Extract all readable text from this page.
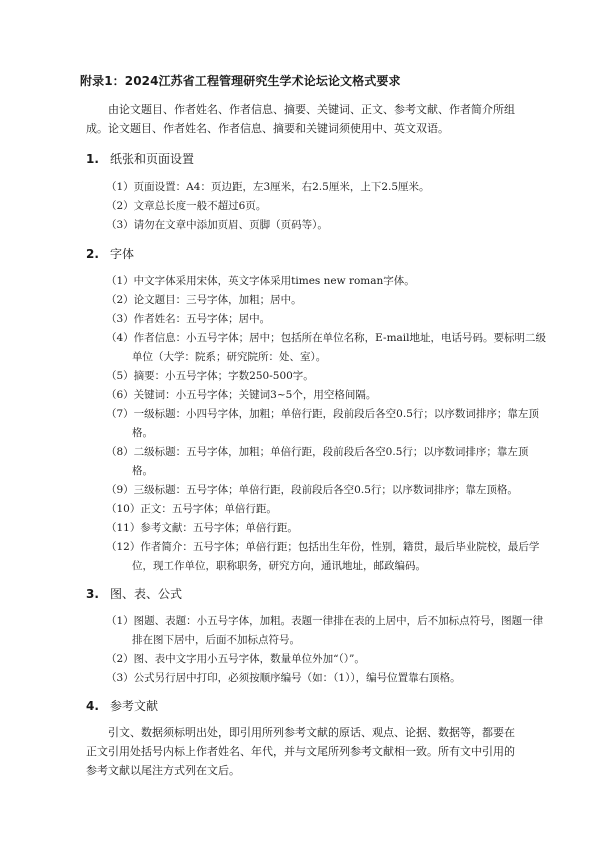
附录1：2024江苏省工程管理研究生学术论坛论文格式要求
由论文题目、作者姓名、作者信息、摘要、关键词、正文、参考文献、作者简介所组成。论文题目、作者姓名、作者信息、摘要和关键词须使用中、英文双语。
1. 纸张和页面设置
（1）页面设置：A4：页边距，左3厘米，右2.5厘米，上下2.5厘米。
（2）文章总长度一般不超过6页。
（3）请勿在文章中添加页眉、页脚（页码等）。
2. 字体
（1）中文字体采用宋体，英文字体采用times new roman字体。
（2）论文题目：三号字体，加粗；居中。
（3）作者姓名：五号字体；居中。
（4）作者信息：小五号字体；居中；包括所在单位名称，E-mail地址，电话号码。要标明二级单位（大学：院系；研究院所：处、室）。
（5）摘要：小五号字体；字数250-500字。
（6）关键词：小五号字体；关键词3~5个，用空格间隔。
（7）一级标题：小四号字体，加粗；单倍行距，段前段后各空0.5行；以序数词排序；靠左顶格。
（8）二级标题：五号字体，加粗；单倍行距，段前段后各空0.5行；以序数词排序；靠左顶格。
（9）三级标题：五号字体；单倍行距，段前段后各空0.5行；以序数词排序；靠左顶格。
（10）正文：五号字体；单倍行距。
（11）参考文献：五号字体；单倍行距。
（12）作者简介：五号字体；单倍行距；包括出生年份，性别，籍贯，最后毕业院校，最后学位，现工作单位，职称职务，研究方向，通讯地址，邮政编码。
3. 图、表、公式
（1）图题、表题：小五号字体，加粗。表题一律排在表的上居中，后不加标点符号，图题一律排在图下居中，后面不加标点符号。
（2）图、表中文字用小五号字体，数量单位外加“（）”。
（3）公式另行居中打印，必须按顺序编号（如：（1）），编号位置靠右顶格。
4. 参考文献
引文、数据须标明出处，即引用所列参考文献的原话、观点、论据、数据等，都要在正文引用处括号内标上作者姓名、年代，并与文尾所列参考文献相一致。所有文中引用的参考文献以尾注方式列在文后。
